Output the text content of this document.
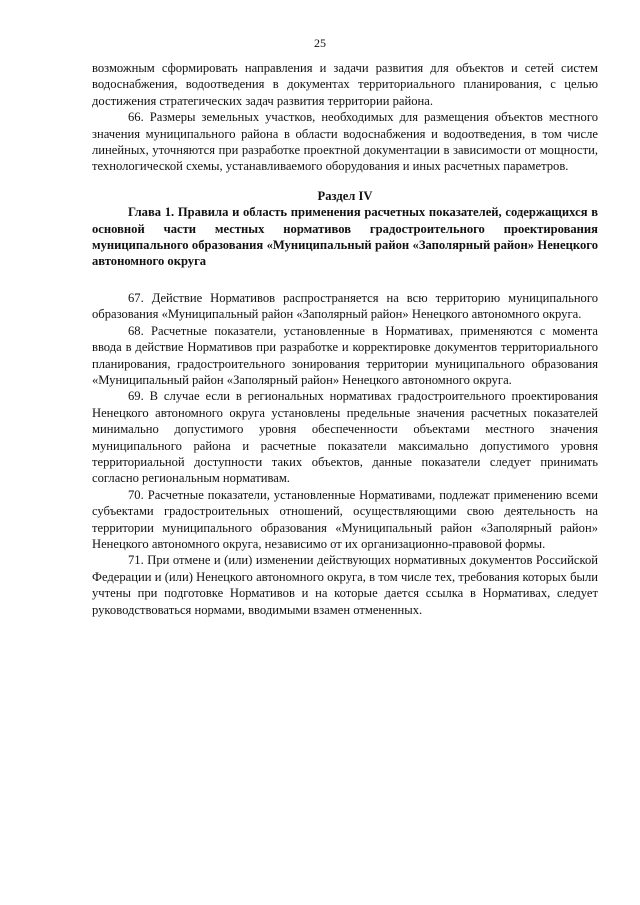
25

возможным сформировать направления и задачи развития для объектов и сетей систем водоснабжения, водоотведения в документах территориального планирования, с целью достижения стратегических задач развития территории района.

66. Размеры земельных участков, необходимых для размещения объектов местного значения муниципального района в области водоснабжения и водоотведения, в том числе линейных, уточняются при разработке проектной документации в зависимости от мощности, технологической схемы, устанавливаемого оборудования и иных расчетных параметров.

Раздел IV

Глава 1. Правила и область применения расчетных показателей, содержащихся в основной части местных нормативов градостроительного проектирования муниципального образования «Муниципальный район «Заполярный район» Ненецкого автономного округа

67. Действие Нормативов распространяется на всю территорию муниципального образования «Муниципальный район «Заполярный район» Ненецкого автономного округа.

68. Расчетные показатели, установленные в Нормативах, применяются с момента ввода в действие Нормативов при разработке и корректировке документов территориального планирования, градостроительного зонирования территории муниципального образования «Муниципальный район «Заполярный район» Ненецкого автономного округа.

69. В случае если в региональных нормативах градостроительного проектирования Ненецкого автономного округа установлены предельные значения расчетных показателей минимально допустимого уровня обеспеченности объектами местного значения муниципального района и расчетные показатели максимально допустимого уровня территориальной доступности таких объектов, данные показатели следует принимать согласно региональным нормативам.

70. Расчетные показатели, установленные Нормативами, подлежат применению всеми субъектами градостроительных отношений, осуществляющими свою деятельность на территории муниципального образования «Муниципальный район «Заполярный район» Ненецкого автономного округа, независимо от их организационно-правовой формы.

71. При отмене и (или) изменении действующих нормативных документов Российской Федерации и (или) Ненецкого автономного округа, в том числе тех, требования которых были учтены при подготовке Нормативов и на которые дается ссылка в Нормативах, следует руководствоваться нормами, вводимыми взамен отмененных.
